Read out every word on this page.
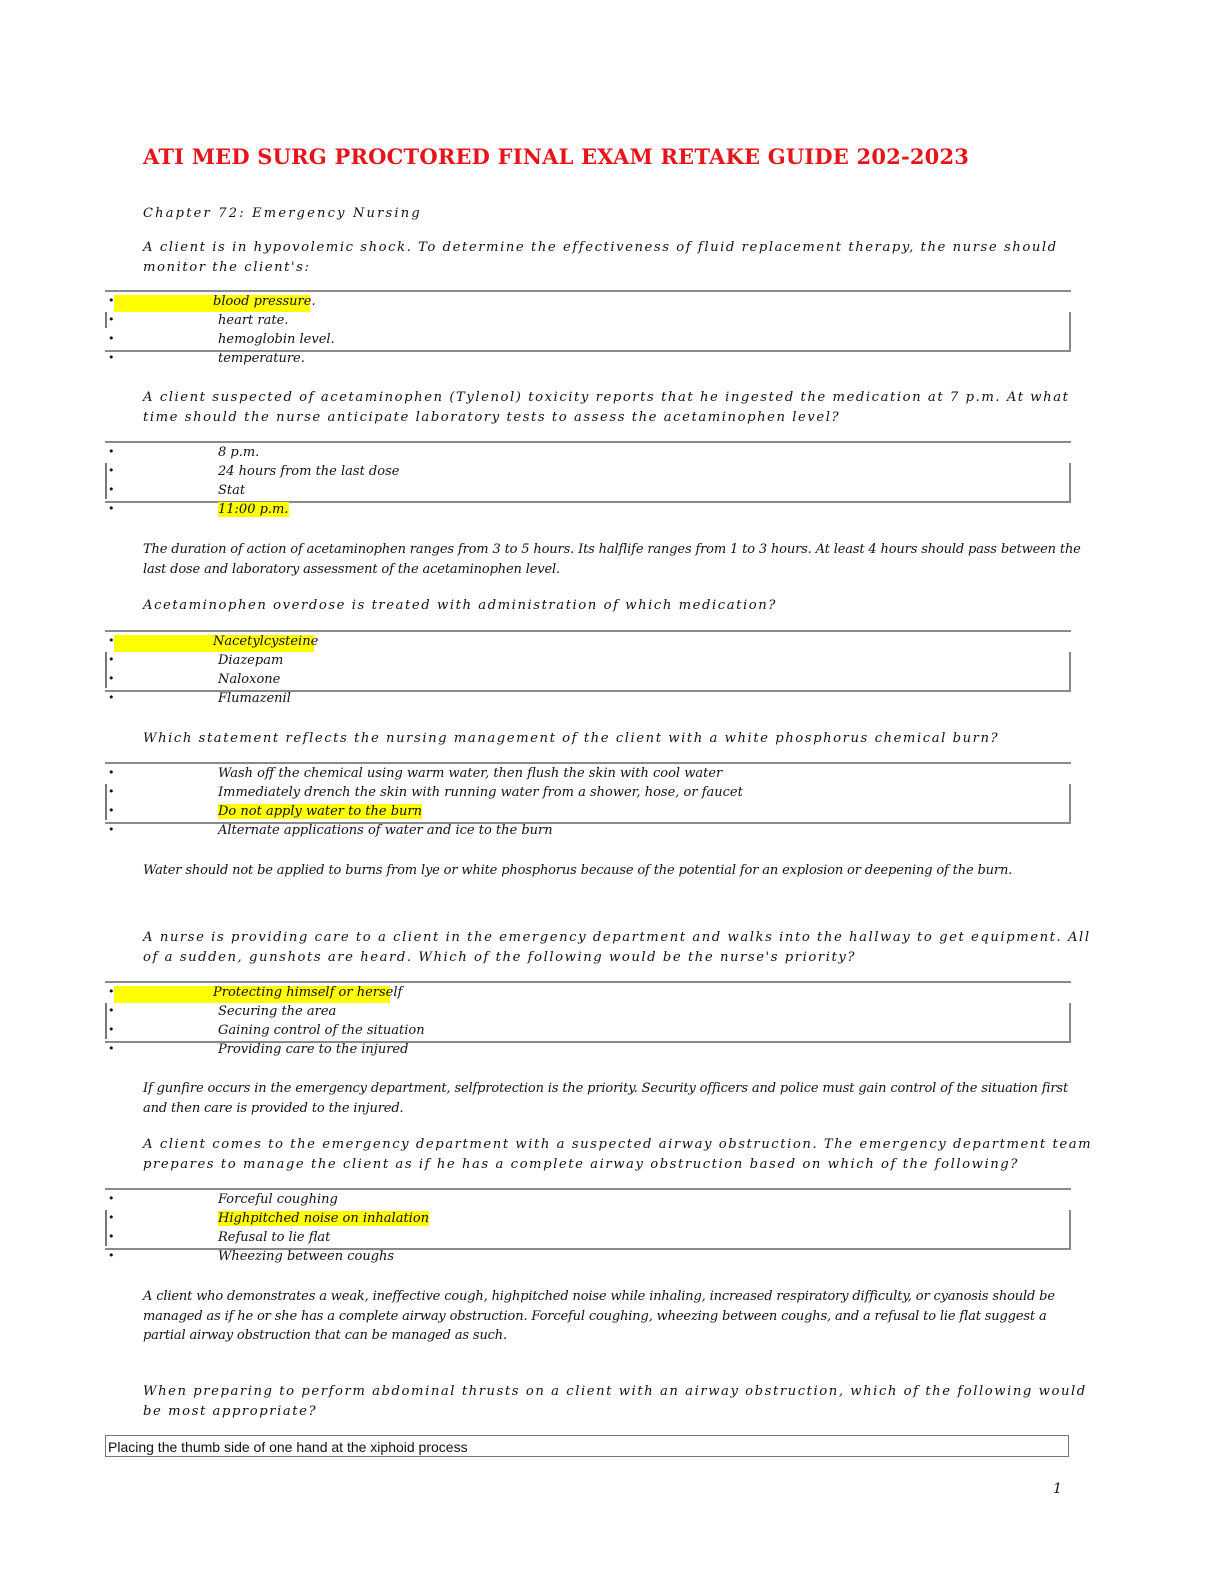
ATI MED SURG PROCTORED FINAL EXAM RETAKE GUIDE 202-2023
Chapter 72: Emergency Nursing
A client is in hypovolemic shock. To determine the effectiveness of fluid replacement therapy, the nurse should monitor the client's:
•	blood pressure.
•	heart rate.
•	hemoglobin level.
•	temperature.
A client suspected of acetaminophen (Tylenol) toxicity reports that he ingested the medication at 7 p.m. At what time should the nurse anticipate laboratory tests to assess the acetaminophen level?
•	8 p.m.
•	24 hours from the last dose
•	Stat
•	11:00 p.m.
The duration of action of acetaminophen ranges from 3 to 5 hours. Its halflife ranges from 1 to 3 hours. At least 4 hours should pass between the last dose and laboratory assessment of the acetaminophen level.
Acetaminophen overdose is treated with administration of which medication?
•	Nacetylcysteine
•	Diazepam
•	Naloxone
•	Flumazenil
Which statement reflects the nursing management of the client with a white phosphorus chemical burn?
•	Wash off the chemical using warm water, then flush the skin with cool water
•	Immediately drench the skin with running water from a shower, hose, or faucet
•	Do not apply water to the burn
•	Alternate applications of water and ice to the burn
Water should not be applied to burns from lye or white phosphorus because of the potential for an explosion or deepening of the burn.
A nurse is providing care to a client in the emergency department and walks into the hallway to get equipment. All of a sudden, gunshots are heard. Which of the following would be the nurse's priority?
•	Protecting himself or herself
•	Securing the area
•	Gaining control of the situation
•	Providing care to the injured
If gunfire occurs in the emergency department, selfprotection is the priority. Security officers and police must gain control of the situation first and then care is provided to the injured.
A client comes to the emergency department with a suspected airway obstruction. The emergency department team prepares to manage the client as if he has a complete airway obstruction based on which of the following?
•	Forceful coughing
•	Highpitched noise on inhalation
•	Refusal to lie flat
•	Wheezing between coughs
A client who demonstrates a weak, ineffective cough, highpitched noise while inhaling, increased respiratory difficulty, or cyanosis should be managed as if he or she has a complete airway obstruction. Forceful coughing, wheezing between coughs, and a refusal to lie flat suggest a partial airway obstruction that can be managed as such.
When preparing to perform abdominal thrusts on a client with an airway obstruction, which of the following would be most appropriate?
Placing the thumb side of one hand at the xiphoid process
1
